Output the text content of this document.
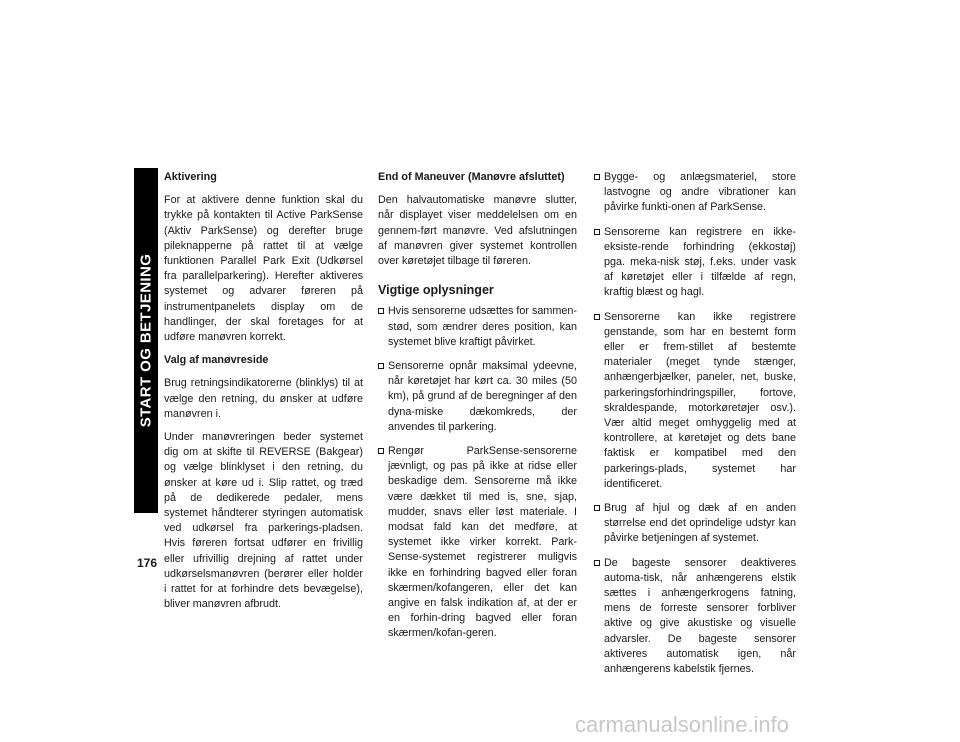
START OG BETJENING
176
Aktivering

For at aktivere denne funktion skal du trykke på kontakten til Active ParkSense (Aktiv ParkSense) og derefter bruge pileknapperne på rattet til at vælge funktionen Parallel Park Exit (Udkørsel fra parallelparkering). Herefter aktiveres systemet og advarer føreren på instrumentpanelets display om de handlinger, der skal foretages for at udføre manøvren korrekt.

Valg af manøvreside

Brug retningsindikatorerne (blinklys) til at vælge den retning, du ønsker at udføre manøvren i.

Under manøvreringen beder systemet dig om at skifte til REVERSE (Bakgear) og vælge blinklyset i den retning, du ønsker at køre ud i. Slip rattet, og træd på de dedikerede pedaler, mens systemet håndterer styringen automatisk ved udkørsel fra parkerings-pladsen. Hvis føreren fortsat udfører en frivillig eller ufrivillig drejning af rattet under udkørselsmanøvren (berører eller holder i rattet for at forhindre dets bevægelse), bliver manøvren afbrudt.

End of Maneuver (Manøvre afsluttet)

Den halvautomatiske manøvre slutter, når displayet viser meddelelsen om en gennem-ført manøvre. Ved afslutningen af manøvren giver systemet kontrollen over køretøjet tilbage til føreren.

Vigtige oplysninger
Hvis sensorerne udsættes for sammen-stød, som ændrer deres position, kan systemet blive kraftigt påvirket.
Sensorerne opnår maksimal ydeevne, når køretøjet har kørt ca. 30 miles (50 km), på grund af de beregninger af den dyna-miske dækomkreds, der anvendes til parkering.
Rengør ParkSense-sensorerne jævnligt, og pas på ikke at ridse eller beskadige dem. Sensorerne må ikke være dækket til med is, sne, sjap, mudder, snavs eller løst materiale. I modsat fald kan det medføre, at systemet ikke virker korrekt. Park-Sense-systemet registrerer muligvis ikke en forhindring bagved eller foran skærmen/kofangeren, eller det kan angive en falsk indikation af, at der er en forhin-dring bagved eller foran skærmen/kofan-geren.
Bygge- og anlægsmateriel, store lastvogne og andre vibrationer kan påvirke funkti-onen af ParkSense.
Sensorerne kan registrere en ikke-eksiste-rende forhindring (ekkostøj) pga. meka-nisk støj, f.eks. under vask af køretøjet eller i tilfælde af regn, kraftig blæst og hagl.
Sensorerne kan ikke registrere genstande, som har en bestemt form eller er frem-stillet af bestemte materialer (meget tynde stænger, anhængerbjælker, paneler, net, buske, parkeringsforhindringspiller, fortove, skraldespande, motorkøretøjer osv.). Vær altid meget omhyggelig med at kontrollere, at køretøjet og dets bane faktisk er kompatibel med den parkerings-plads, systemet har identificeret.
Brug af hjul og dæk af en anden størrelse end det oprindelige udstyr kan påvirke betjeningen af systemet.
De bageste sensorer deaktiveres automa-tisk, når anhængerens elstik sættes i anhængerkrogens fatning, mens de forreste sensorer forbliver aktive og give akustiske og visuelle advarsler. De bageste sensorer aktiveres automatisk igen, når anhængerens kabelstik fjernes.
carmanualsonline.info
